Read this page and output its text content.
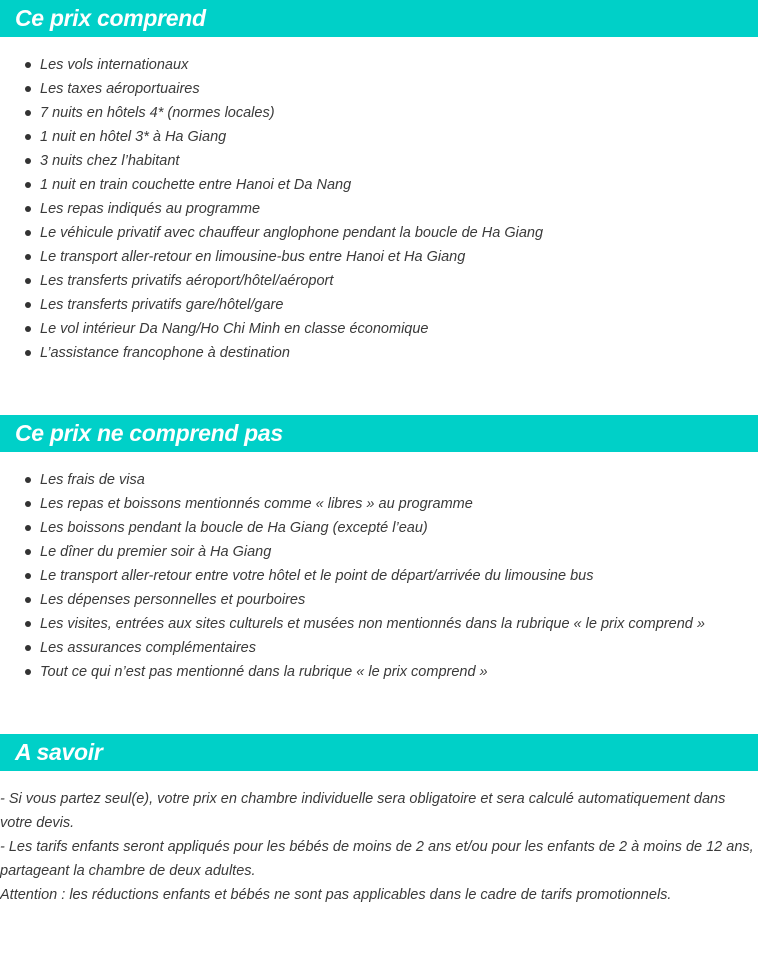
Ce prix comprend
Les vols internationaux
Les taxes aéroportuaires
7 nuits en hôtels 4* (normes locales)
1 nuit en hôtel 3* à Ha Giang
3 nuits chez l’habitant
1 nuit en train couchette entre Hanoi et Da Nang
Les repas indiqués au programme
Le véhicule privatif avec chauffeur anglophone pendant la boucle de Ha Giang
Le transport aller-retour en limousine-bus entre Hanoi et Ha Giang
Les transferts privatifs aéroport/hôtel/aéroport
Les transferts privatifs gare/hôtel/gare
Le vol intérieur Da Nang/Ho Chi Minh en classe économique
L’assistance francophone à destination
Ce prix ne comprend pas
Les frais de visa
Les repas et boissons mentionnés comme « libres » au programme
Les boissons pendant la boucle de Ha Giang (excepté l’eau)
Le dîner du premier soir à Ha Giang
Le transport aller-retour entre votre hôtel et le point de départ/arrivée du limousine bus
Les dépenses personnelles et pourboires
Les visites, entrées aux sites culturels et musées non mentionnés dans la rubrique « le prix comprend »
Les assurances complémentaires
Tout ce qui n’est pas mentionné dans la rubrique « le prix comprend »
A savoir

- Si vous partez seul(e), votre prix en chambre individuelle sera obligatoire et sera calculé automatiquement dans votre devis.

- Les tarifs enfants seront appliqués pour les bébés de moins de 2 ans et/ou pour les enfants de 2 à moins de 12 ans, partageant la chambre de deux adultes.

Attention : les réductions enfants et bébés ne sont pas applicables dans le cadre de tarifs promotionnels.
